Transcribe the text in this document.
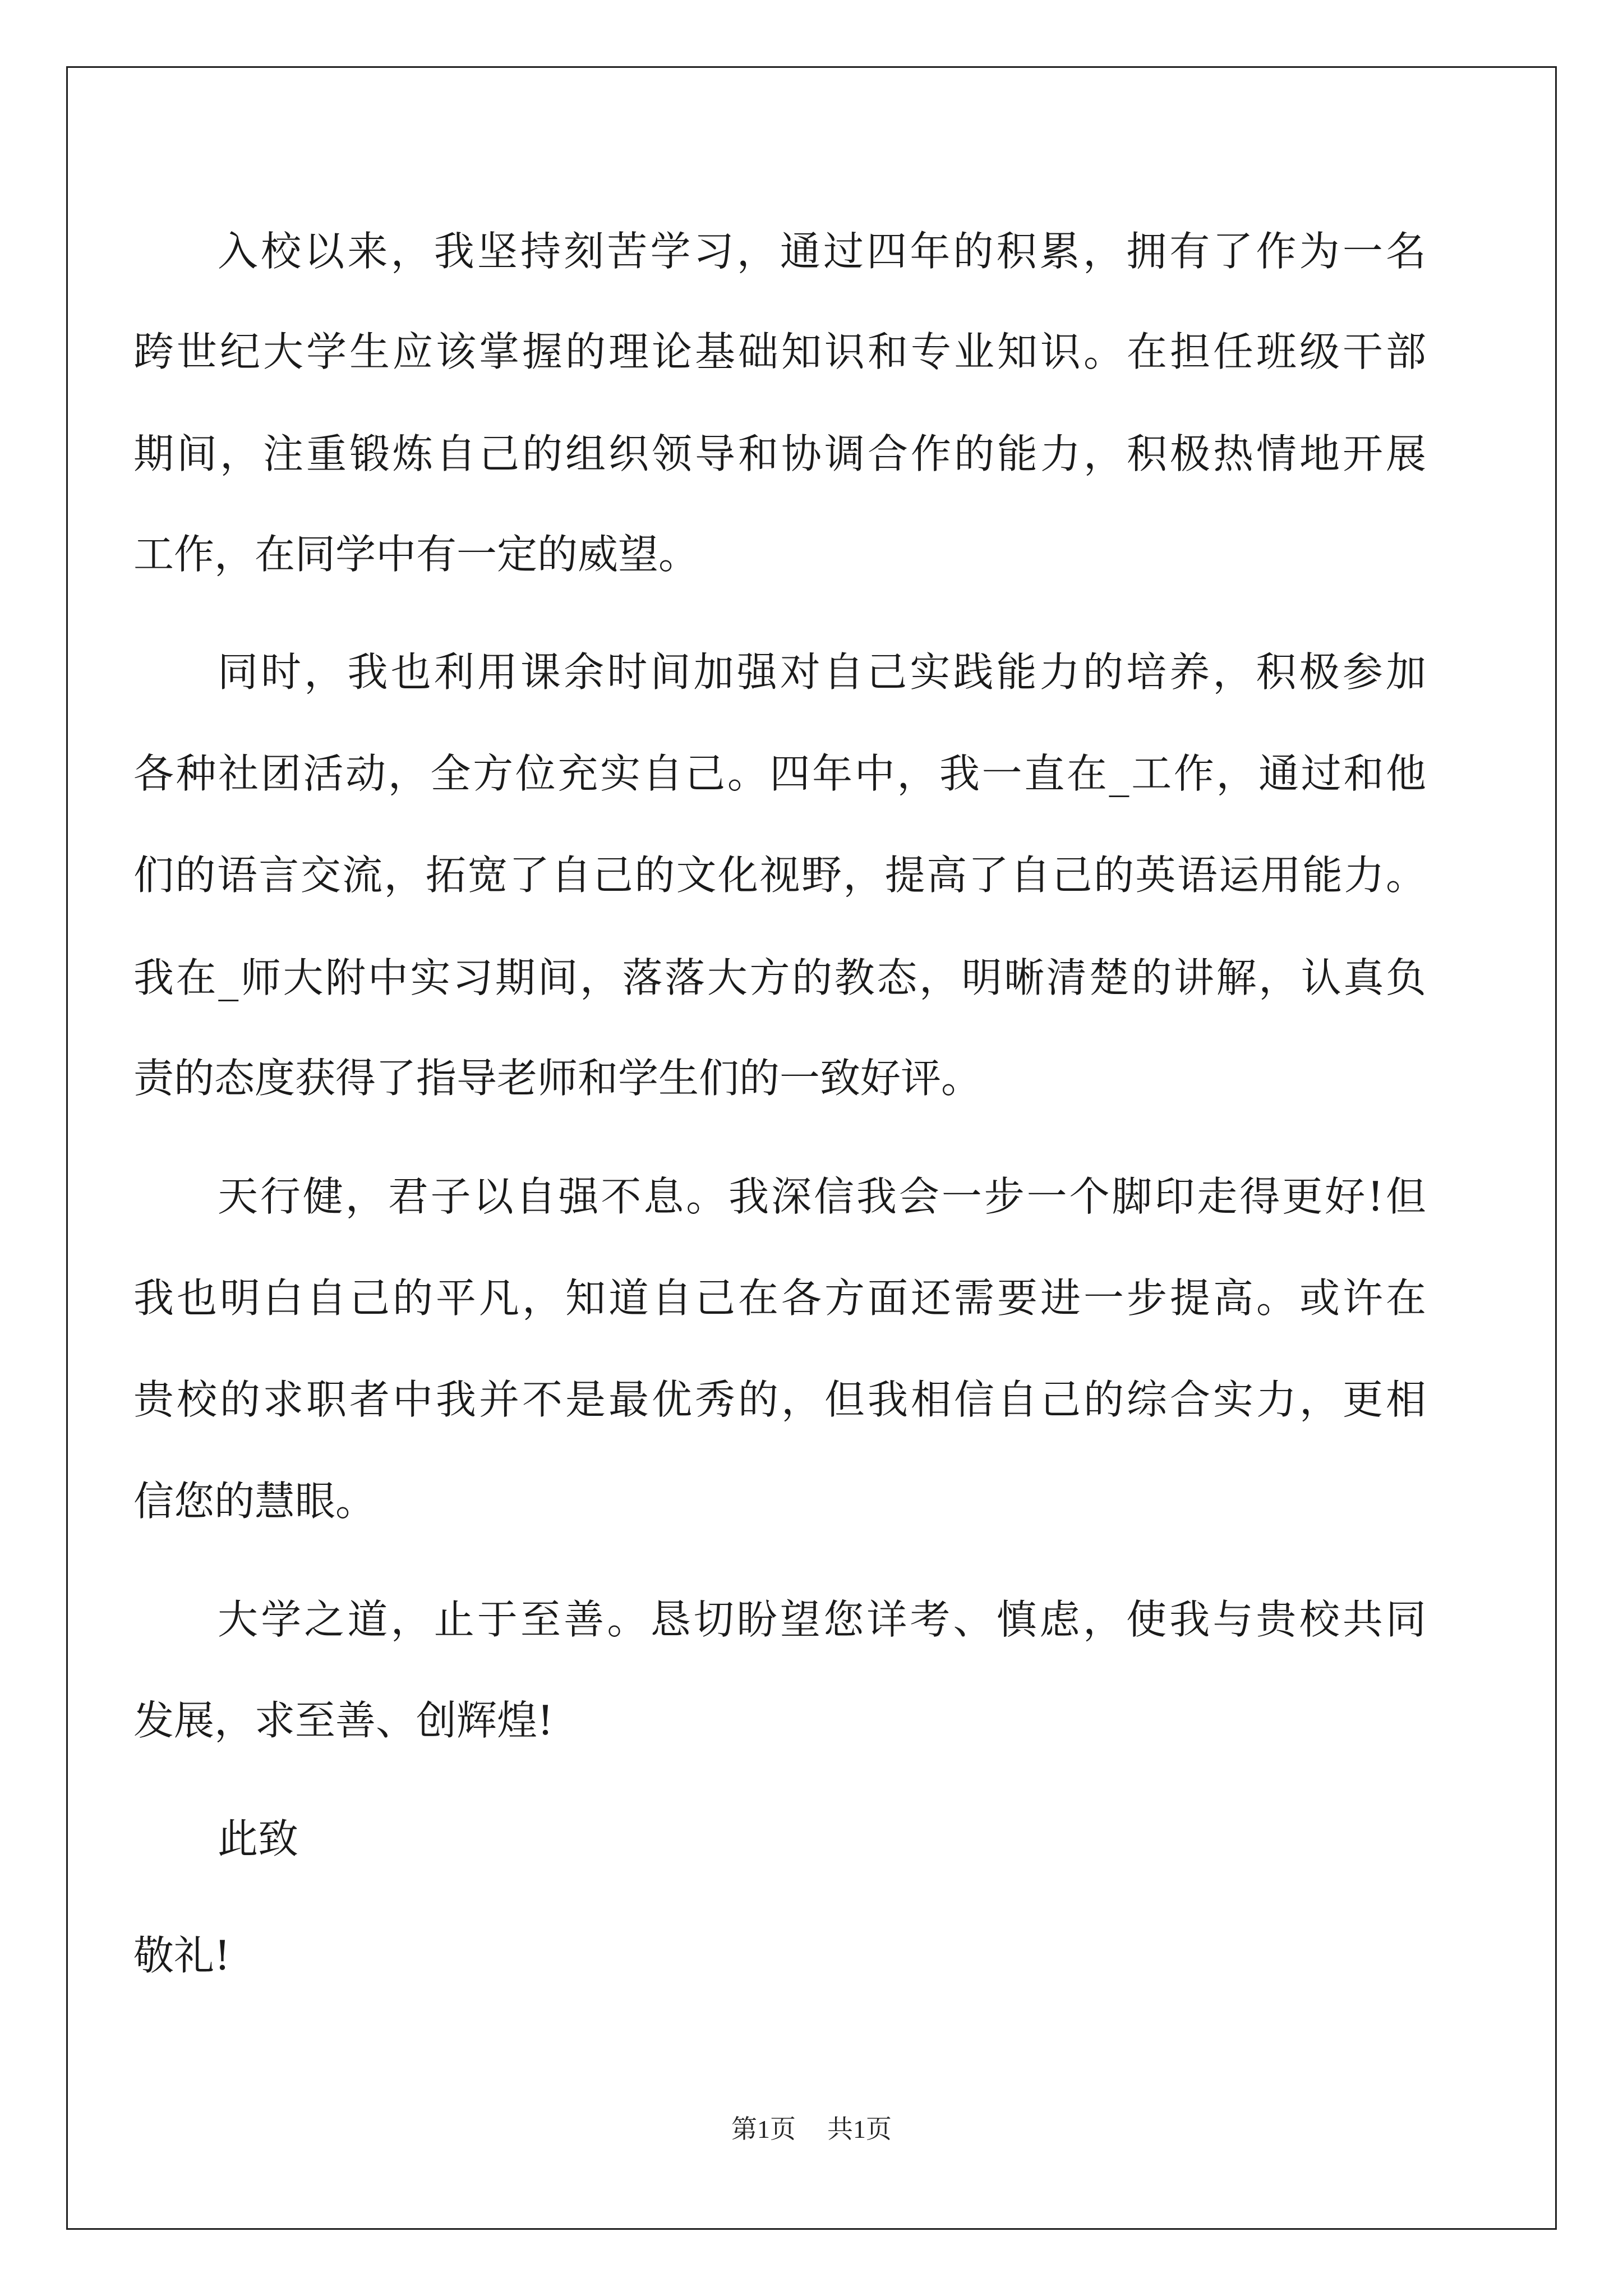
入校以来，我坚持刻苦学习，通过四年的积累，拥有了作为一名
跨世纪大学生应该掌握的理论基础知识和专业知识。在担任班级干部
期间，注重锻炼自己的组织领导和协调合作的能力，积极热情地开展
工作，在同学中有一定的威望。
同时，我也利用课余时间加强对自己实践能力的培养，积极参加
各种社团活动，全方位充实自己。四年中，我一直在_工作，通过和他
们的语言交流，拓宽了自己的文化视野，提高了自己的英语运用能力。
我在_师大附中实习期间，落落大方的教态，明晰清楚的讲解，认真负
责的态度获得了指导老师和学生们的一致好评。
天行健，君子以自强不息。我深信我会一步一个脚印走得更好!但
我也明白自己的平凡，知道自己在各方面还需要进一步提高。或许在
贵校的求职者中我并不是最优秀的，但我相信自己的综合实力，更相
信您的慧眼。
大学之道，止于至善。恳切盼望您详考、慎虑，使我与贵校共同
发展，求至善、创辉煌!
此致
敬礼!
第1页 共1页
